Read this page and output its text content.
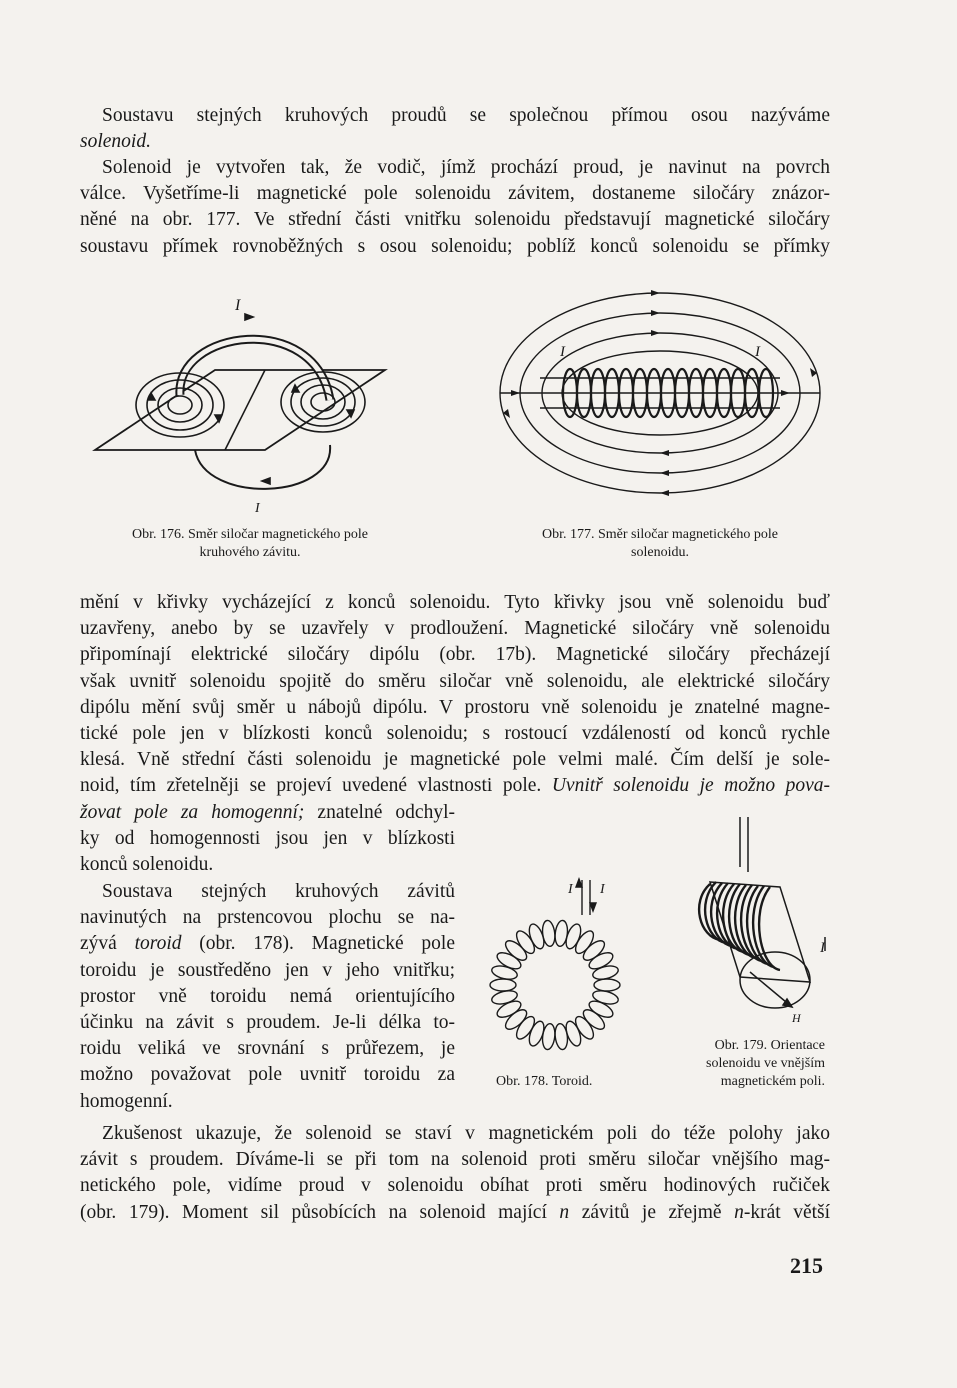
Soustavu stejných kruhových proudů se společnou přímou osou nazýváme
solenoid.
Solenoid je vytvořen tak, že vodič, jímž prochází proud, je navinut na povrch
válce. Vyšetříme-li magnetické pole solenoidu závitem, dostaneme siločáry znázor-
něné na obr. 177. Ve střední části vnitřku solenoidu představují magnetické siločáry
soustavu přímek rovnoběžných s osou solenoidu; poblíž konců solenoidu se přímky
I
I
I	I
Obr. 176. Směr siločar magnetického pole
kruhového závitu.
Obr. 177. Směr siločar magnetického pole
solenoidu.
mění v křivky vycházející z konců solenoidu. Tyto křivky jsou vně solenoidu buď
uzavřeny, anebo by se uzavřely v prodloužení. Magnetické siločáry vně solenoidu
připomínají elektrické siločáry dipólu (obr. 17b). Magnetické siločáry přecházejí
však uvnitř solenoidu spojitě do směru siločar vně solenoidu, ale elektrické siločáry
dipólu mění svůj směr u nábojů dipólu. V prostoru vně solenoidu je znatelné magne-
tické pole jen v blízkosti konců solenoidu; s rostoucí vzdáleností od konců rychle
klesá. Vně střední části solenoidu je magnetické pole velmi malé. Čím delší je sole-
noid, tím zřetelněji se projeví uvedené vlastnosti pole. Uvnitř solenoidu je možno pova-
žovat pole za homogenní; znatelné odchyl-
ky od homogennosti jsou jen v blízkosti
konců solenoidu.
Soustava stejných kruhových závitů
navinutých na prstencovou plochu se na-
zývá toroid (obr. 178). Magnetické pole
toroidu je soustředěno jen v jeho vnitřku;
prostor vně toroidu nemá orientujícího
účinku na závit s proudem. Je-li délka to-
roidu veliká ve srovnání s průřezem, je
možno považovat pole uvnitř toroidu za
homogenní.
I I
I
H
Obr. 178. Toroid.
Obr. 179. Orientace
solenoidu ve vnějším
magnetickém poli.
Zkušenost ukazuje, že solenoid se staví v magnetickém poli do téže polohy jako
závit s proudem. Díváme-li se při tom na solenoid proti směru siločar vnějšího mag-
netického pole, vidíme proud v solenoidu obíhat proti směru hodinových ručiček
(obr. 179). Moment sil působících na solenoid mající n závitů je zřejmě n-krát větší
215
